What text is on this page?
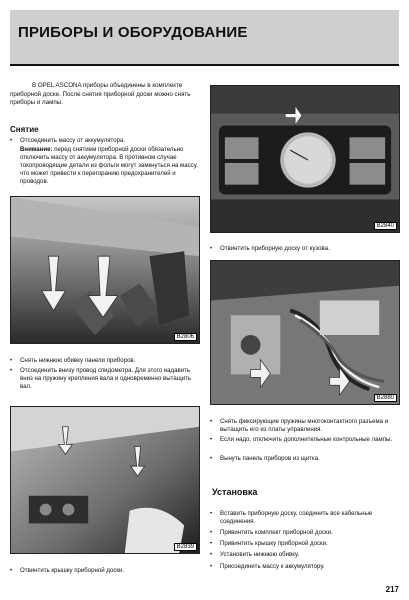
ПРИБОРЫ И ОБОРУДОВАНИЕ

В OPEL ASCONA приборы объединены в комплекте приборной доске. После снятия приборной доски можно снять приборы и лампы.

Снятие
• Отсоединить массу от аккумулятора.

Внимание: перед снятием приборной доски обязательно отключить массу от аккумулятора. В противном случае токопроводящие детали из фольги могут замкнуться на массу, что может привести к перегоранию предохранителей и проводов.

B2806
• Снять нижнюю обивку панели приборов.
• Отсоединить внизу провод спидометра. Для этого надавить вниз на пружину крепления вала и одновременно вытащить вал.
B2839
• Отвинтить крышку приборной доски.
B2840
• Отвинтить приборную доску от кузова.
B2880
• Снять фиксирующие пружины многоконтактного разъема и вытащить его из платы управления.
• Если надо, отключить дополнительные контрольные лампы.
• Вынуть панель приборов из щитка.
Установка
• Вставить приборную доску, соединить все кабельные соединения.
• Привинтить комплект приборной доски.
• Привинтить крышку приборной доски.
• Установить нижнюю обивку.
• Присоединить массу к аккумулятору.
217
